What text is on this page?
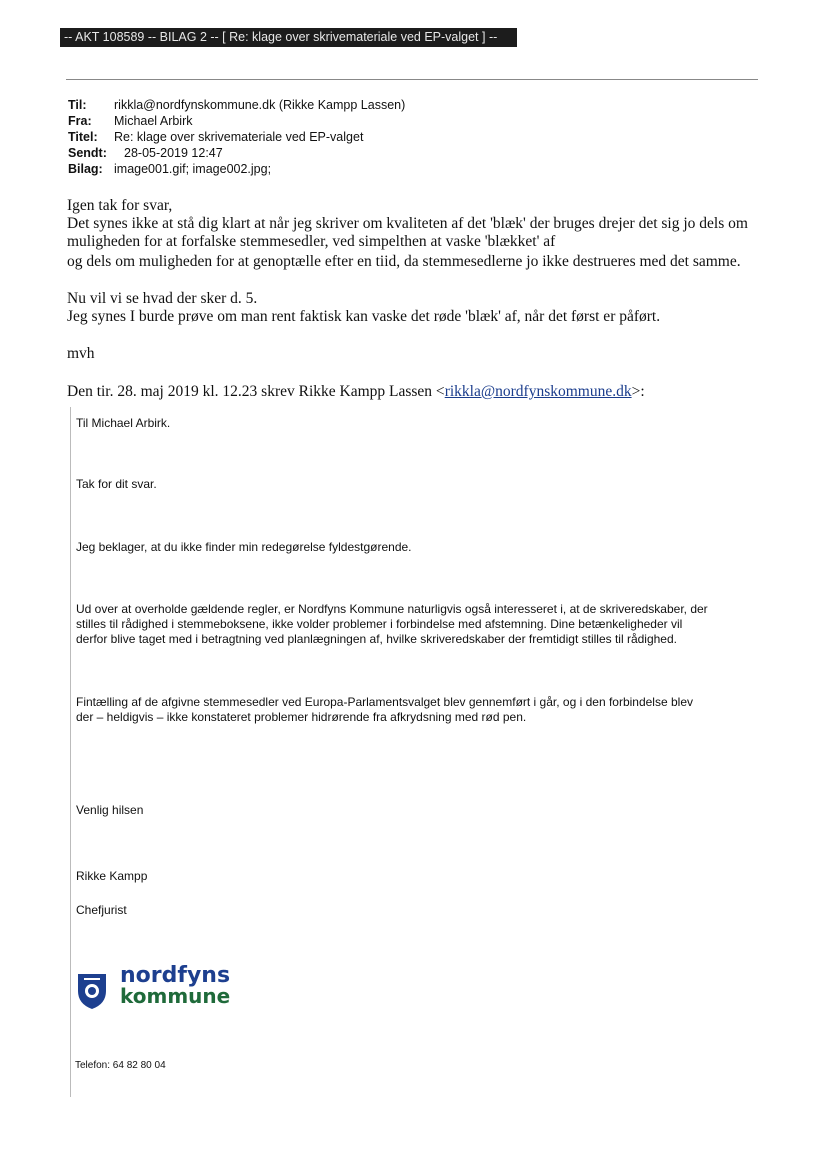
-- AKT 108589 -- BILAG 2 -- [ Re: klage over skrivemateriale ved EP-valget ] --
Til: rikkla@nordfynskommune.dk (Rikke Kampp Lassen)
Fra: Michael Arbirk
Titel: Re: klage over skrivemateriale ved EP-valget
Sendt: 28-05-2019 12:47
Bilag: image001.gif; image002.jpg;
Igen tak for svar,
Det synes ikke at stå dig klart at når jeg skriver om kvaliteten af det 'blæk' der bruges drejer det sig jo dels om
muligheden for at forfalske stemmesedler, ved simpelthen at vaske 'blækket' af
og dels om muligheden for at genoptælle efter en tiid, da stemmesedlerne jo ikke destrueres med det samme.
Nu vil vi se hvad der sker d. 5.
Jeg synes I burde prøve om man rent faktisk kan vaske det røde 'blæk' af, når det først er påført.
mvh
Den tir. 28. maj 2019 kl. 12.23 skrev Rikke Kampp Lassen <rikkla@nordfynskommune.dk>:
Til Michael Arbirk.
Tak for dit svar.
Jeg beklager, at du ikke finder min redegørelse fyldestgørende.
Ud over at overholde gældende regler, er Nordfyns Kommune naturligvis også interesseret i, at de skriveredskaber, der
stilles til rådighed i stemmeboksene, ikke volder problemer i forbindelse med afstemning. Dine betænkeligheder vil
derfor blive taget med i betragtning ved planlægningen af, hvilke skriveredskaber der fremtidigt stilles til rådighed.
Fintælling af de afgivne stemmesedler ved Europa-Parlamentsvalget blev gennemført i går, og i den forbindelse blev
der – heldigvis – ikke konstateret problemer hidrørende fra afkrydsning med rød pen.
Venlig hilsen
Rikke Kampp
Chefjurist
nordfyns
kommune
Telefon: 64 82 80 04
